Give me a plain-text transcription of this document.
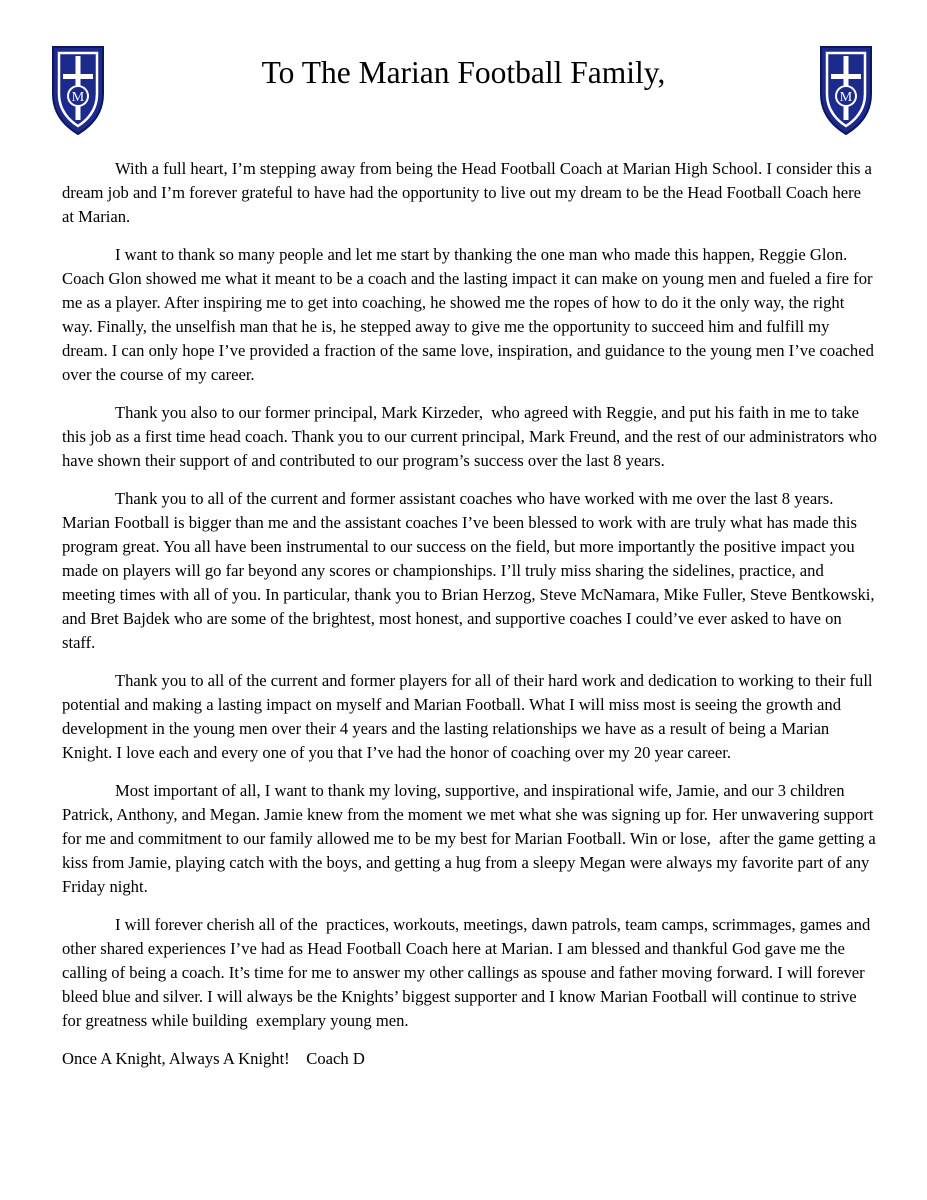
M
To The Marian Football Family,
M

With a full heart, I’m stepping away from being the Head Football Coach at Marian High School. I consider this a dream job and I’m forever grateful to have had the opportunity to live out my dream to be the Head Football Coach here at Marian.

I want to thank so many people and let me start by thanking the one man who made this happen, Reggie Glon. Coach Glon showed me what it meant to be a coach and the lasting impact it can make on young men and fueled a fire for me as a player. After inspiring me to get into coaching, he showed me the ropes of how to do it the only way, the right way. Finally, the unselfish man that he is, he stepped away to give me the opportunity to succeed him and fulfill my dream. I can only hope I’ve provided a fraction of the same love, inspiration, and guidance to the young men I’ve coached over the course of my career.

Thank you also to our former principal, Mark Kirzeder,  who agreed with Reggie, and put his faith in me to take this job as a first time head coach. Thank you to our current principal, Mark Freund, and the rest of our administrators who have shown their support of and contributed to our program’s success over the last 8 years.

Thank you to all of the current and former assistant coaches who have worked with me over the last 8 years. Marian Football is bigger than me and the assistant coaches I’ve been blessed to work with are truly what has made this program great. You all have been instrumental to our success on the field, but more importantly the positive impact you made on players will go far beyond any scores or championships. I’ll truly miss sharing the sidelines, practice, and meeting times with all of you. In particular, thank you to Brian Herzog, Steve McNamara, Mike Fuller, Steve Bentkowski, and Bret Bajdek who are some of the brightest, most honest, and supportive coaches I could’ve ever asked to have on staff.

Thank you to all of the current and former players for all of their hard work and dedication to working to their full potential and making a lasting impact on myself and Marian Football. What I will miss most is seeing the growth and development in the young men over their 4 years and the lasting relationships we have as a result of being a Marian Knight. I love each and every one of you that I’ve had the honor of coaching over my 20 year career.

Most important of all, I want to thank my loving, supportive, and inspirational wife, Jamie, and our 3 children Patrick, Anthony, and Megan. Jamie knew from the moment we met what she was signing up for. Her unwavering support for me and commitment to our family allowed me to be my best for Marian Football. Win or lose,  after the game getting a kiss from Jamie, playing catch with the boys, and getting a hug from a sleepy Megan were always my favorite part of any Friday night.

I will forever cherish all of the  practices, workouts, meetings, dawn patrols, team camps, scrimmages, games and other shared experiences I’ve had as Head Football Coach here at Marian. I am blessed and thankful God gave me the calling of being a coach. It’s time for me to answer my other callings as spouse and father moving forward. I will forever bleed blue and silver. I will always be the Knights’ biggest supporter and I know Marian Football will continue to strive for greatness while building  exemplary young men.

Once A Knight, Always A Knight! Coach D
